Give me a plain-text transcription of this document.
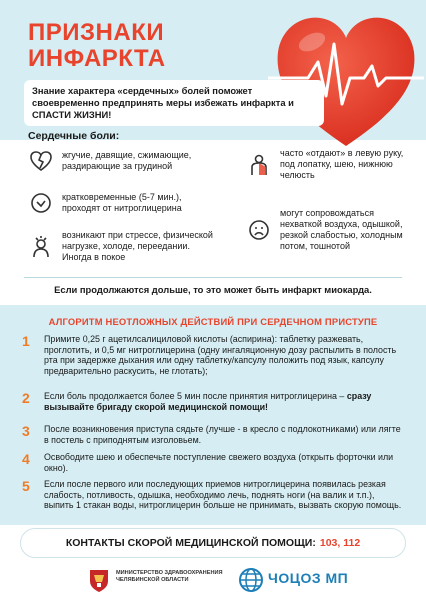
ПРИЗНАКИ
ИНФАРКТА
Знание характера «сердечных» болей поможет своевременно предпринять меры избежать инфаркта и СПАСТИ ЖИЗНИ!
Сердечные боли:
жгучие, давящие, сжимающие, раздирающие за грудиной
кратковременные (5-7 мин.), проходят от нитроглицерина
возникают при стрессе, физической нагрузке, холоде, переедании. Иногда в покое
часто «отдают» в левую руку, под лопатку, шею, нижнюю челюсть
могут сопровождаться нехваткой воздуха, одышкой, резкой слабостью, холодным потом, тошнотой
Если продолжаются дольше, то это может быть инфаркт миокарда.
АЛГОРИТМ НЕОТЛОЖНЫХ ДЕЙСТВИЙ ПРИ СЕРДЕЧНОМ ПРИСТУПЕ
1	Примите 0,25 г ацетилсалициловой кислоты (аспирина): таблетку разжевать, проглотить, и 0,5 мг нитроглицерина (одну ингаляционную дозу распылить в полость рта при задержке дыхания или одну таблетку/капсулу положить под язык, капсулу предварительно раскусить, не глотать);
2	Если боль продолжается более 5 мин после принятия нитроглицерина – сразу вызывайте бригаду скорой медицинской помощи!
3	После возникновения приступа сядьте (лучше - в кресло с подлокотниками) или лягте в постель с приподнятым изголовьем.
4	Освободите шею и обеспечьте поступление свежего воздуха (открыть форточки или окно).
5	Если после первого или последующих приемов нитроглицерина появилась резкая слабость, потливость, одышка, необходимо лечь, поднять ноги (на валик и т.п.), выпить 1 стакан воды, нитроглицерин больше не принимать, вызвать скорую помощь.
КОНТАКТЫ СКОРОЙ МЕДИЦИНСКОЙ ПОМОЩИ: 103, 112
МИНИСТЕРСТВО ЗДРАВООХРАНЕНИЯ
ЧЕЛЯБИНСКОЙ ОБЛАСТИ	ЧОЦОЗ МП
